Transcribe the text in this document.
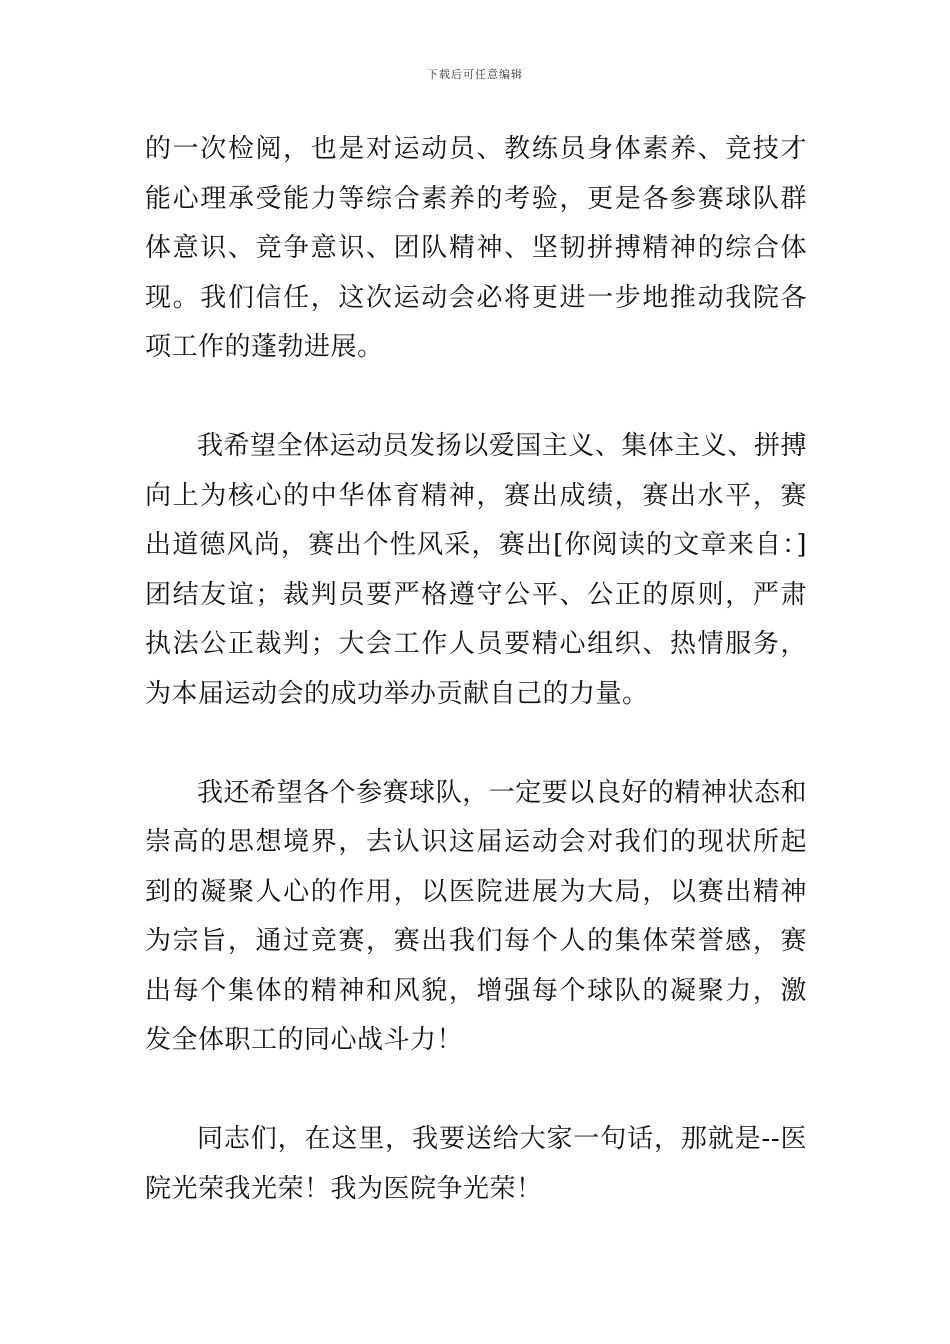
下载后可任意编辑

的一次检阅，也是对运动员、教练员身体素养、竞技才能心理承受能力等综合素养的考验，更是各参赛球队群体意识、竞争意识、团队精神、坚韧拼搏精神的综合体现。我们信任，这次运动会必将更进一步地推动我院各项工作的蓬勃进展。

我希望全体运动员发扬以爱国主义、集体主义、拼搏向上为核心的中华体育精神，赛出成绩，赛出水平，赛出道德风尚，赛出个性风采，赛出[你阅读的文章来自：]团结友谊；裁判员要严格遵守公平、公正的原则，严肃执法公正裁判；大会工作人员要精心组织、热情服务，为本届运动会的成功举办贡献自己的力量。

我还希望各个参赛球队，一定要以良好的精神状态和崇高的思想境界，去认识这届运动会对我们的现状所起到的凝聚人心的作用，以医院进展为大局，以赛出精神为宗旨，通过竞赛，赛出我们每个人的集体荣誉感，赛出每个集体的精神和风貌，增强每个球队的凝聚力，激发全体职工的同心战斗力！

同志们，在这里，我要送给大家一句话，那就是--医院光荣我光荣！我为医院争光荣！
